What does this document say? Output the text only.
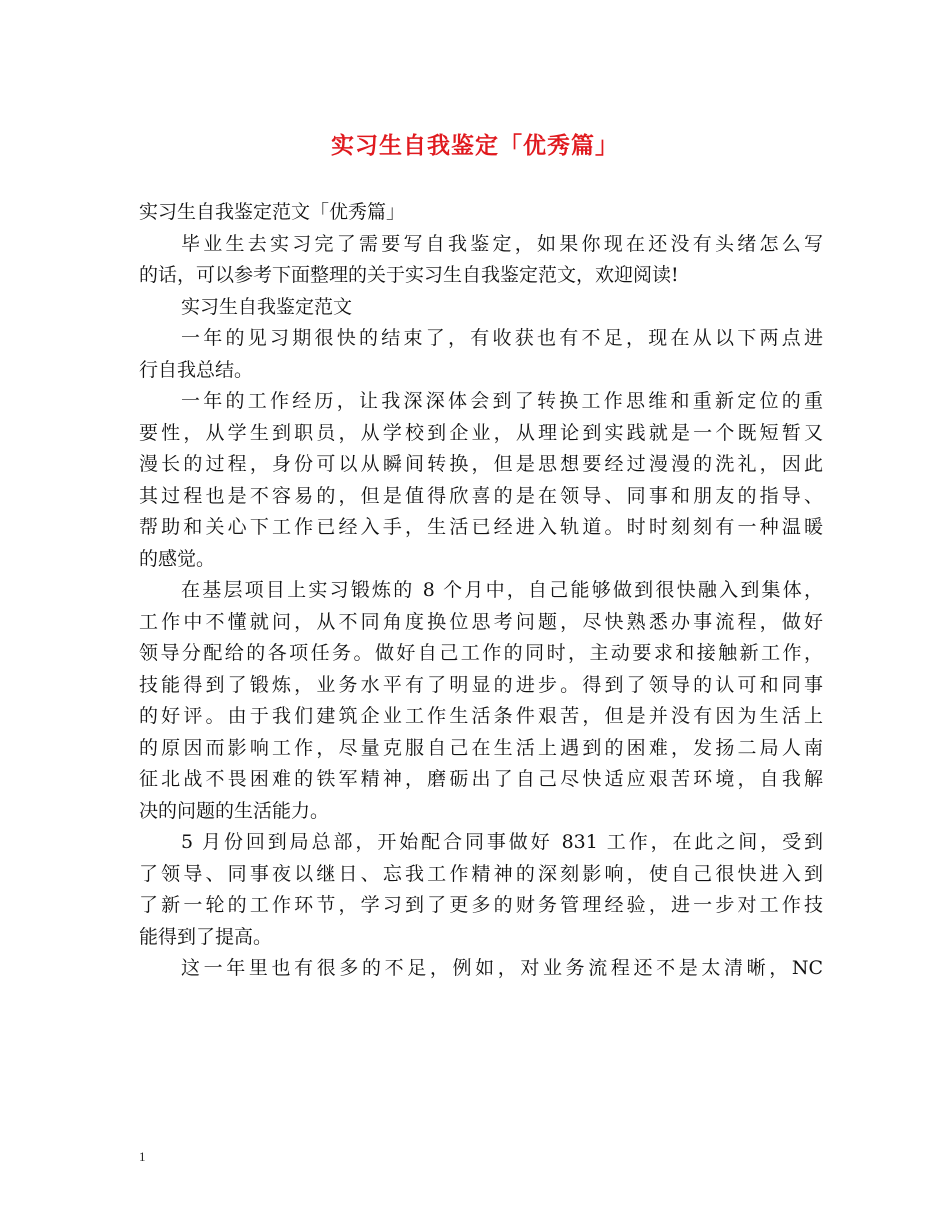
实习生自我鉴定「优秀篇」
实习生自我鉴定范文「优秀篇」
毕业生去实习完了需要写自我鉴定，如果你现在还没有头绪怎么写
的话，可以参考下面整理的关于实习生自我鉴定范文，欢迎阅读!
实习生自我鉴定范文
一年的见习期很快的结束了，有收获也有不足，现在从以下两点进
行自我总结。
一年的工作经历，让我深深体会到了转换工作思维和重新定位的重
要性，从学生到职员，从学校到企业，从理论到实践就是一个既短暂又
漫长的过程，身份可以从瞬间转换，但是思想要经过漫漫的洗礼，因此
其过程也是不容易的，但是值得欣喜的是在领导、同事和朋友的指导、
帮助和关心下工作已经入手，生活已经进入轨道。时时刻刻有一种温暖
的感觉。
在基层项目上实习锻炼的 8 个月中，自己能够做到很快融入到集体，
工作中不懂就问，从不同角度换位思考问题，尽快熟悉办事流程，做好
领导分配给的各项任务。做好自己工作的同时，主动要求和接触新工作，
技能得到了锻炼，业务水平有了明显的进步。得到了领导的认可和同事
的好评。由于我们建筑企业工作生活条件艰苦，但是并没有因为生活上
的原因而影响工作，尽量克服自己在生活上遇到的困难，发扬二局人南
征北战不畏困难的铁军精神，磨砺出了自己尽快适应艰苦环境，自我解
决的问题的生活能力。
5 月份回到局总部，开始配合同事做好 831 工作，在此之间，受到
了领导、同事夜以继日、忘我工作精神的深刻影响，使自己很快进入到
了新一轮的工作环节，学习到了更多的财务管理经验，进一步对工作技
能得到了提高。
这一年里也有很多的不足，例如，对业务流程还不是太清晰，NC
1
